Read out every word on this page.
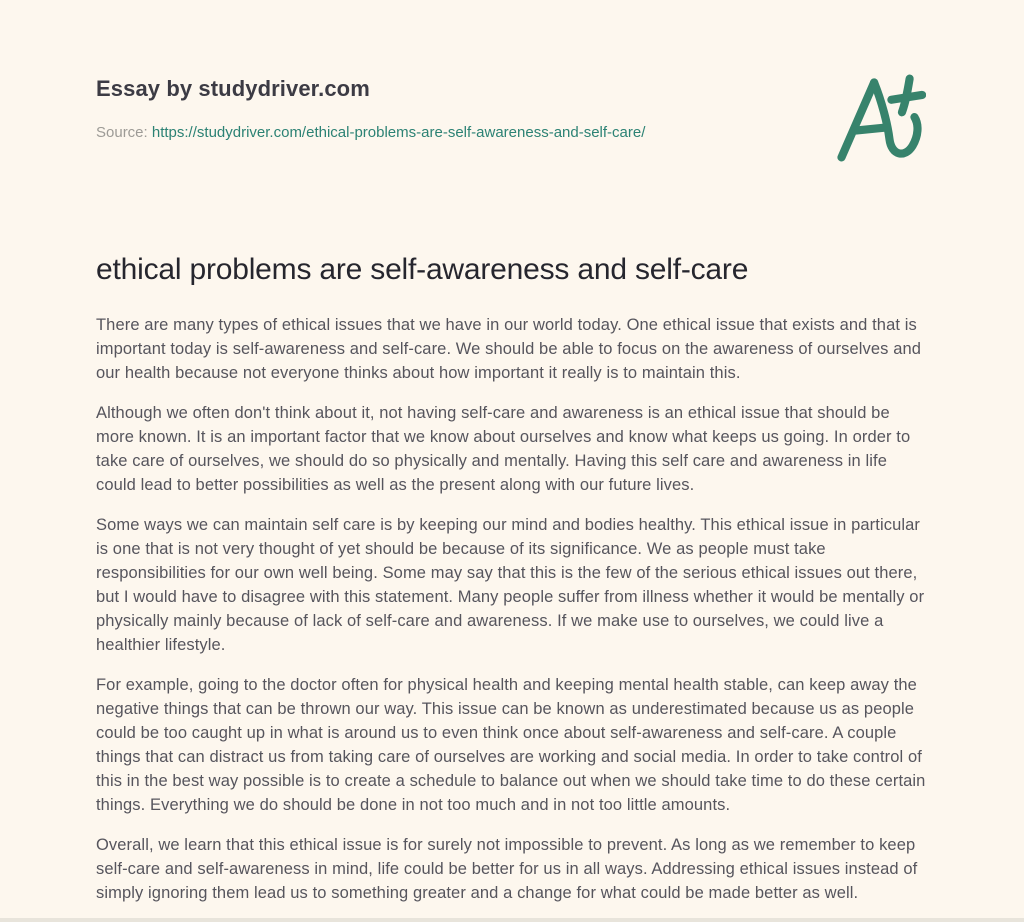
Essay by studydriver.com
Source: https://studydriver.com/ethical-problems-are-self-awareness-and-self-care/
ethical problems are self-awareness and self-care

There are many types of ethical issues that we have in our world today. One ethical issue that exists and that is important today is self-awareness and self-care. We should be able to focus on the awareness of ourselves and our health because not everyone thinks about how important it really is to maintain this.

Although we often don't think about it, not having self-care and awareness is an ethical issue that should be more known. It is an important factor that we know about ourselves and know what keeps us going. In order to take care of ourselves, we should do so physically and mentally. Having this self care and awareness in life could lead to better possibilities as well as the present along with our future lives.

Some ways we can maintain self care is by keeping our mind and bodies healthy. This ethical issue in particular is one that is not very thought of yet should be because of its significance. We as people must take responsibilities for our own well being. Some may say that this is the few of the serious ethical issues out there, but I would have to disagree with this statement. Many people suffer from illness whether it would be mentally or physically mainly because of lack of self-care and awareness. If we make use to ourselves, we could live a healthier lifestyle.

For example, going to the doctor often for physical health and keeping mental health stable, can keep away the negative things that can be thrown our way. This issue can be known as underestimated because us as people could be too caught up in what is around us to even think once about self-awareness and self-care. A couple things that can distract us from taking care of ourselves are working and social media. In order to take control of this in the best way possible is to create a schedule to balance out when we should take time to do these certain things. Everything we do should be done in not too much and in not too little amounts.

Overall, we learn that this ethical issue is for surely not impossible to prevent. As long as we remember to keep self-care and self-awareness in mind, life could be better for us in all ways. Addressing ethical issues instead of simply ignoring them lead us to something greater and a change for what could be made better as well.
